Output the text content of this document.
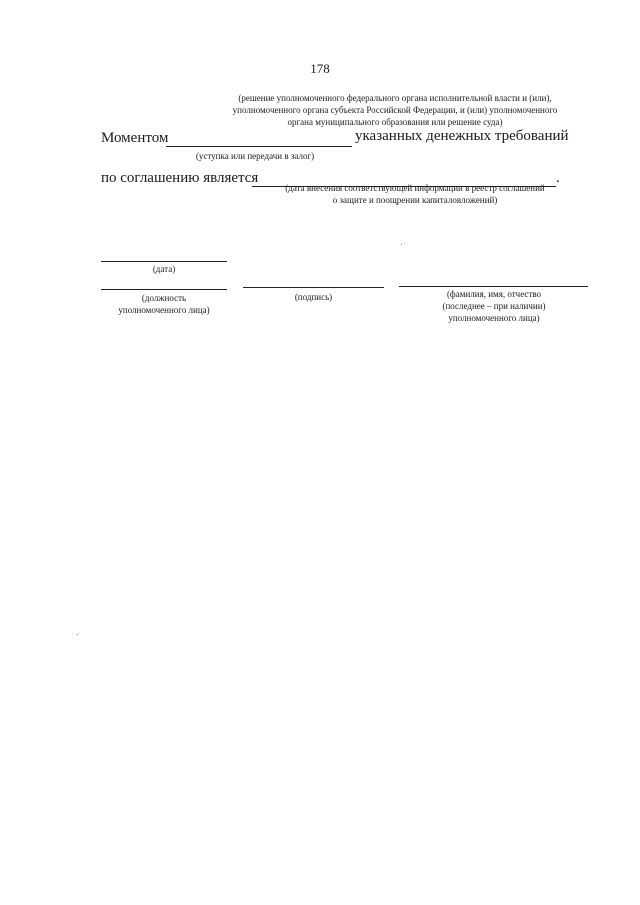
178
(решение уполномоченного федерального органа исполнительной власти и (или),
уполномоченного органа субъекта Российской Федерации, и (или) уполномоченного
органа муниципального образования или решение суда)
Моментом	указанных денежных требований
(уступка или передачи в залог)
по соглашению является	.
(дата внесения соответствующей информации в реестр соглашений
о защите и поощрении капиталовложений)
(дата)
(должность
уполномоченного лица)
(подпись)	(фамилия, имя, отчество
(последнее – при наличии)
уполномоченного лица)
